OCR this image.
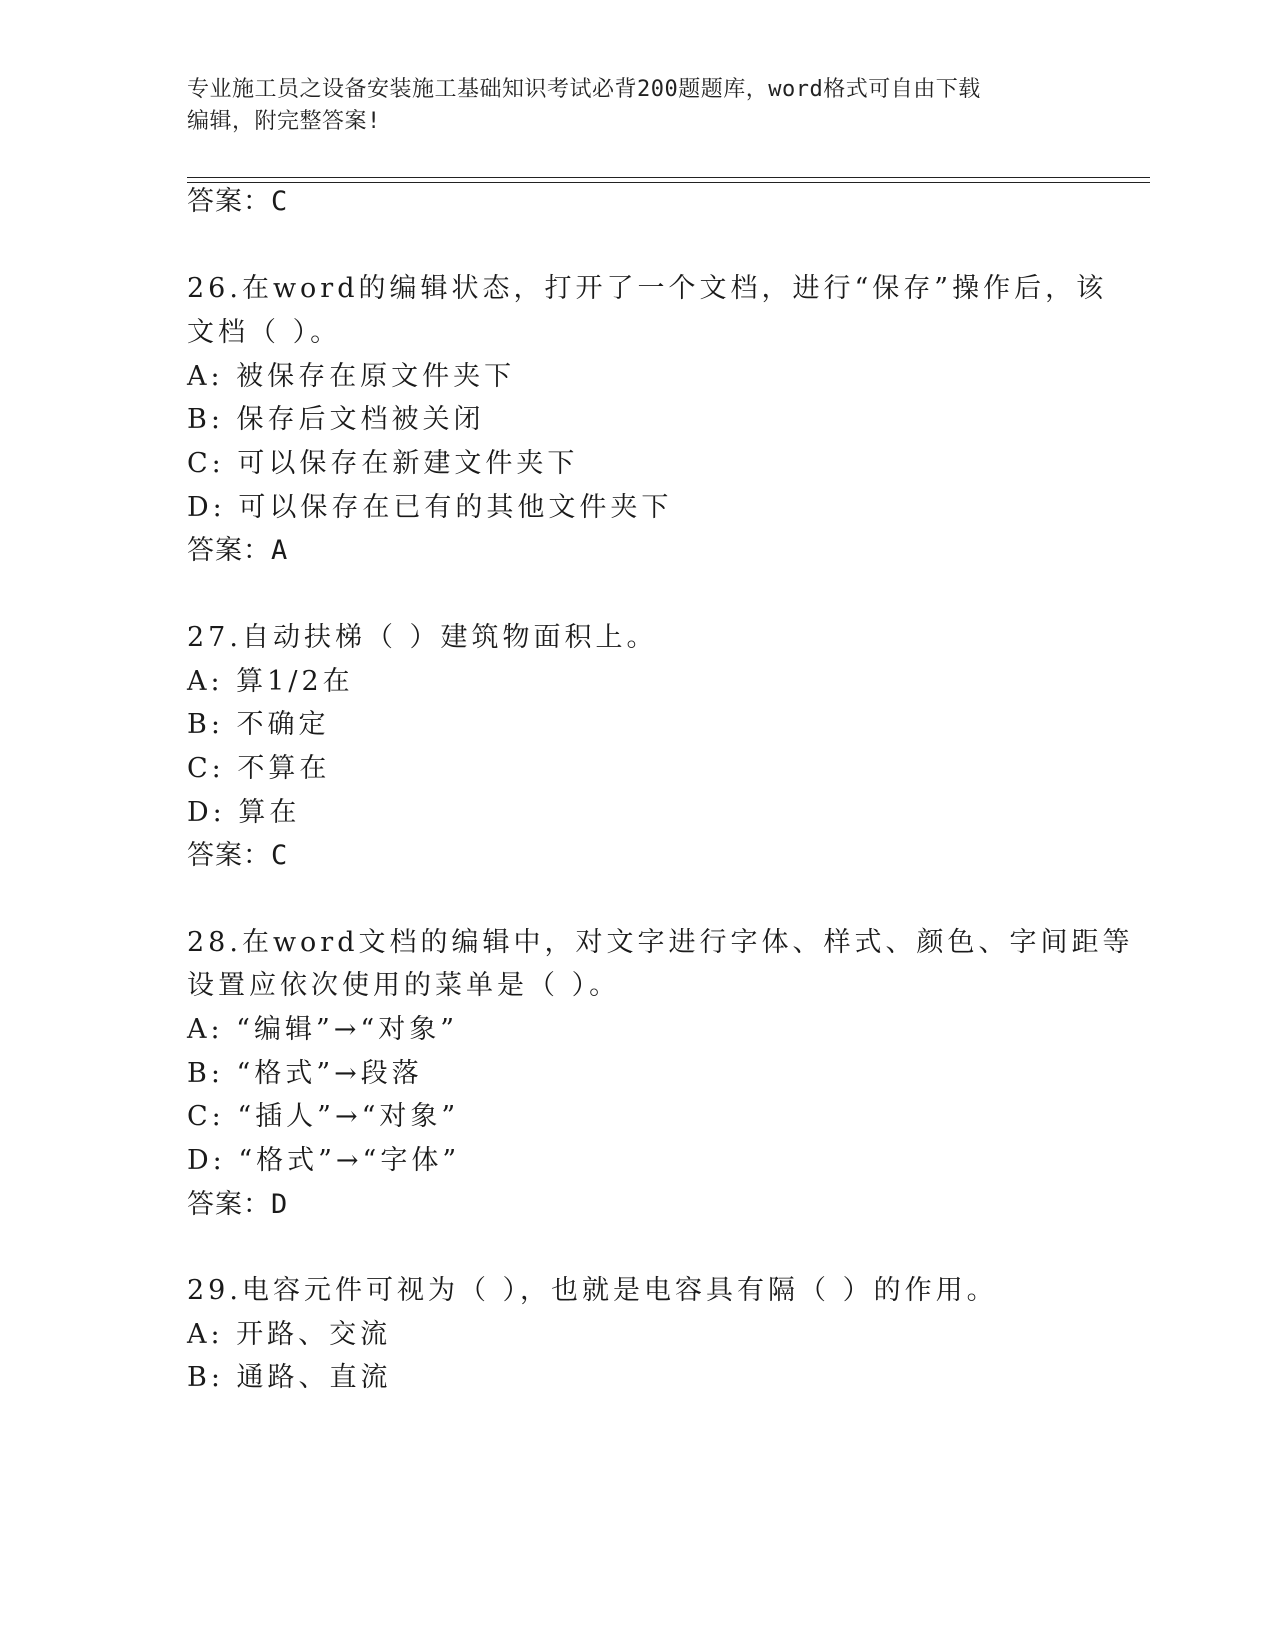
专业施工员之设备安装施工基础知识考试必背200题题库，word格式可自由下载
编辑，附完整答案!
答案：C
26.在word的编辑状态，打开了一个文档，进行“保存”操作后，该
文档（ ）。
A: 被保存在原文件夹下
B: 保存后文档被关闭
C: 可以保存在新建文件夹下
D: 可以保存在已有的其他文件夹下
答案：A
27.自动扶梯（ ）建筑物面积上。
A: 算1/2在
B: 不确定
C: 不算在
D: 算在
答案：C
28.在word文档的编辑中，对文字进行字体、样式、颜色、字间距等
设置应依次使用的菜单是（ ）。
A: “编辑”→“对象”
B: “格式”→段落
C: “插人”→“对象”
D: “格式”→“字体”
答案：D
29.电容元件可视为（ ），也就是电容具有隔（ ）的作用。
A: 开路、交流
B: 通路、直流
